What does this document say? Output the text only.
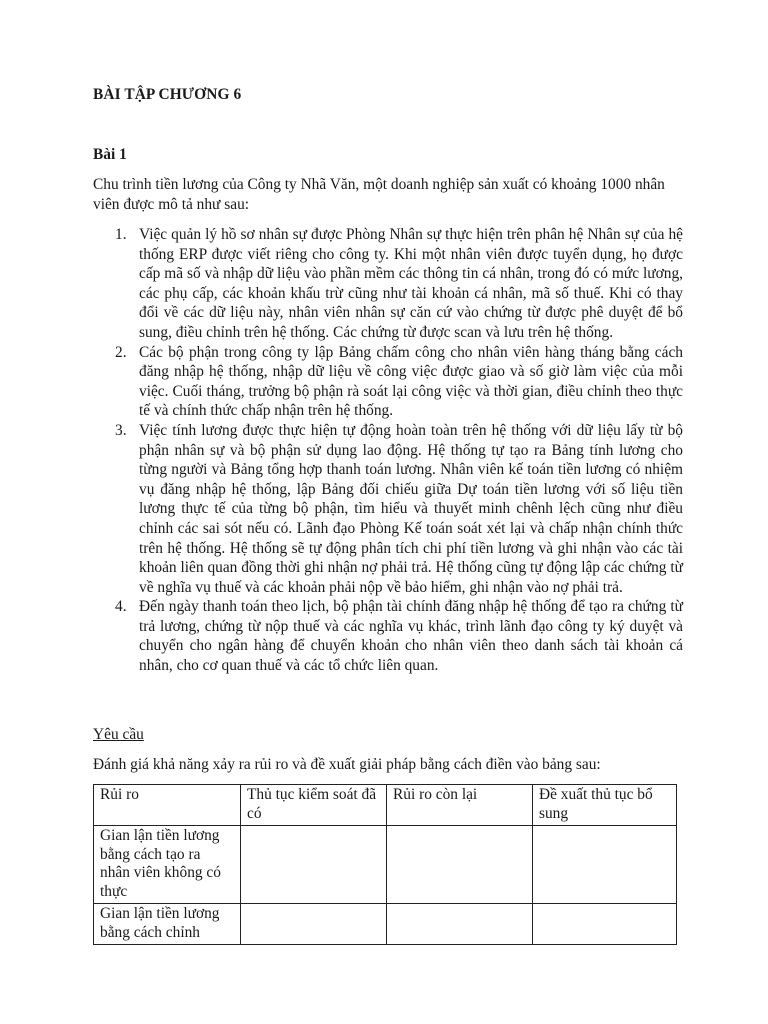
BÀI TẬP CHƯƠNG 6
Bài 1

Chu trình tiền lương của Công ty Nhã Văn, một doanh nghiệp sản xuất có khoảng 1000 nhân viên được mô tả như sau:

1. Việc quản lý hồ sơ nhân sự được Phòng Nhân sự thực hiện trên phân hệ Nhân sự của hệ thống ERP được viết riêng cho công ty. Khi một nhân viên được tuyển dụng, họ được cấp mã số và nhập dữ liệu vào phần mềm các thông tin cá nhân, trong đó có mức lương, các phụ cấp, các khoản khấu trừ cũng như tài khoản cá nhân, mã số thuế. Khi có thay đổi về các dữ liệu này, nhân viên nhân sự căn cứ vào chứng từ được phê duyệt để bổ sung, điều chỉnh trên hệ thống. Các chứng từ được scan và lưu trên hệ thống.
2. Các bộ phận trong công ty lập Bảng chấm công cho nhân viên hàng tháng bằng cách đăng nhập hệ thống, nhập dữ liệu về công việc được giao và số giờ làm việc của mỗi việc. Cuối tháng, trưởng bộ phận rà soát lại công việc và thời gian, điều chỉnh theo thực tế và chính thức chấp nhận trên hệ thống.
3. Việc tính lương được thực hiện tự động hoàn toàn trên hệ thống với dữ liệu lấy từ bộ phận nhân sự và bộ phận sử dụng lao động. Hệ thống tự tạo ra Bảng tính lương cho từng người và Bảng tổng hợp thanh toán lương. Nhân viên kế toán tiền lương có nhiệm vụ đăng nhập hệ thống, lập Bảng đối chiếu giữa Dự toán tiền lương với số liệu tiền lương thực tế của từng bộ phận, tìm hiểu và thuyết minh chênh lệch cũng như điều chỉnh các sai sót nếu có. Lãnh đạo Phòng Kế toán soát xét lại và chấp nhận chính thức trên hệ thống. Hệ thống sẽ tự động phân tích chi phí tiền lương và ghi nhận vào các tài khoản liên quan đồng thời ghi nhận nợ phải trả. Hệ thống cũng tự động lập các chứng từ về nghĩa vụ thuế và các khoản phải nộp về bảo hiểm, ghi nhận vào nợ phải trả.
4. Đến ngày thanh toán theo lịch, bộ phận tài chính đăng nhập hệ thống để tạo ra chứng từ trả lương, chứng từ nộp thuế và các nghĩa vụ khác, trình lãnh đạo công ty ký duyệt và chuyển cho ngân hàng để chuyển khoản cho nhân viên theo danh sách tài khoản cá nhân, cho cơ quan thuế và các tổ chức liên quan.

Yêu cầu

Đánh giá khả năng xảy ra rủi ro và đề xuất giải pháp bằng cách điền vào bảng sau:

Rủi ro	Thủ tục kiểm soát đã có	Rủi ro còn lại	Đề xuất thủ tục bổ sung
Gian lận tiền lương bằng cách tạo ra nhân viên không có thực			
Gian lận tiền lương bằng cách chỉnh			
